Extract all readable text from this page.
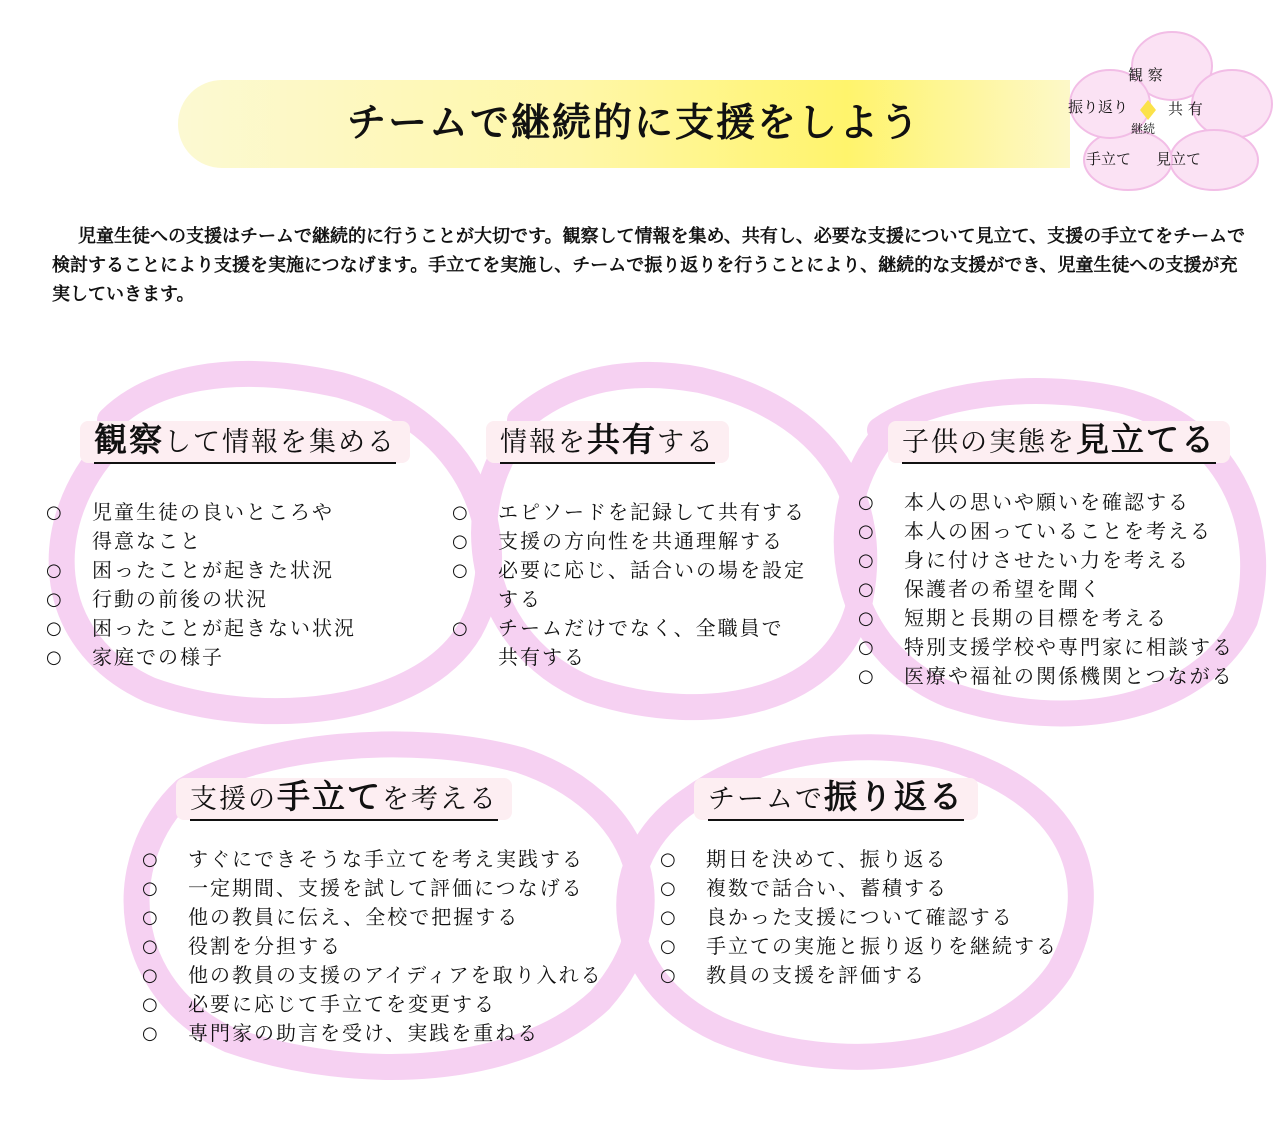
チームで継続的に支援をしよう
観 察
共 有
振り返り
継続
手立て 見立て
児童生徒への支援はチームで継続的に行うことが大切です。観察して情報を集め、共有し、必要な支援について見立て、支援の手立てをチームで検討することにより支援を実施につなげます。手立てを実施し、チームで振り返りを行うことにより、継続的な支援ができ、児童生徒への支援が充実していきます。
観察して情報を集める
○ 児童生徒の良いところや
得意なこと
○ 困ったことが起きた状況
○ 行動の前後の状況
○ 困ったことが起きない状況
○ 家庭での様子
情報を共有する
○ エピソードを記録して共有する
○ 支援の方向性を共通理解する
○ 必要に応じ、話合いの場を設定
する
○ チームだけでなく、全職員で
共有する
子供の実態を見立てる
○ 本人の思いや願いを確認する
○ 本人の困っていることを考える
○ 身に付けさせたい力を考える
○ 保護者の希望を聞く
○ 短期と長期の目標を考える
○ 特別支援学校や専門家に相談する
○ 医療や福祉の関係機関とつながる
支援の手立てを考える
○ すぐにできそうな手立てを考え実践する
○ 一定期間、支援を試して評価につなげる
○ 他の教員に伝え、全校で把握する
○ 役割を分担する
○ 他の教員の支援のアイディアを取り入れる
○ 必要に応じて手立てを変更する
○ 専門家の助言を受け、実践を重ねる
チームで振り返る
○ 期日を決めて、振り返る
○ 複数で話合い、蓄積する
○ 良かった支援について確認する
○ 手立ての実施と振り返りを継続する
○ 教員の支援を評価する
